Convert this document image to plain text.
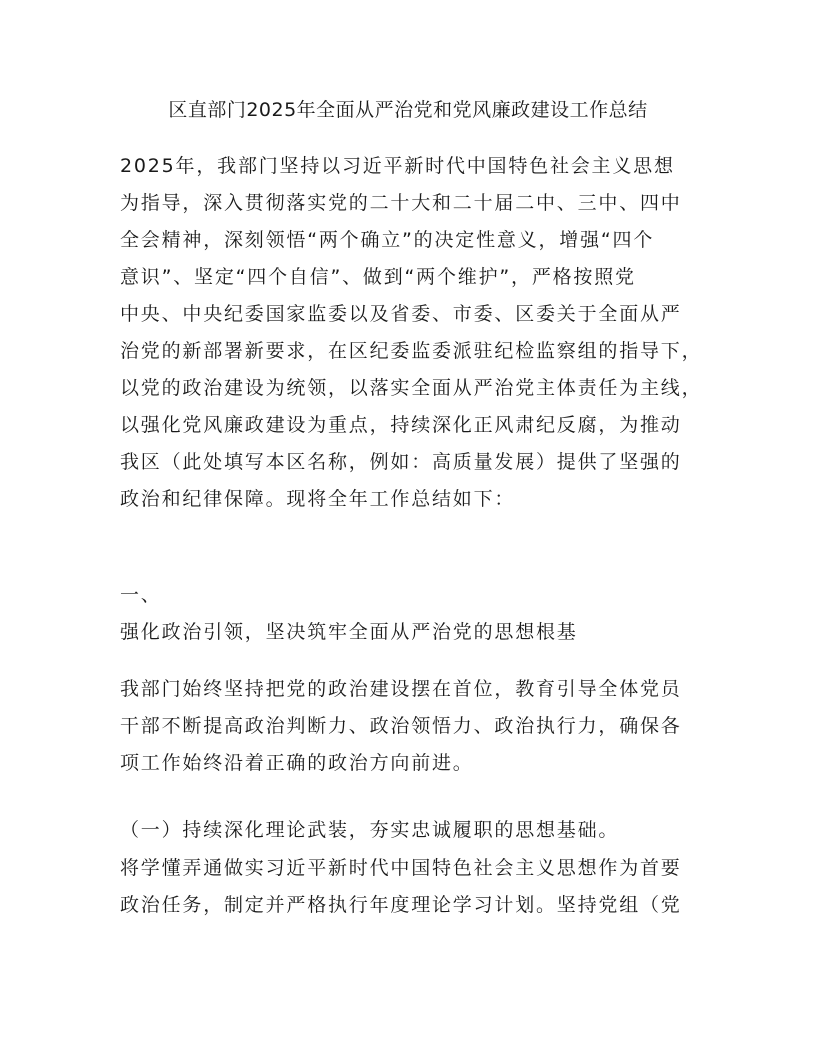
区直部门2025年全面从严治党和党风廉政建设工作总结

2025年，我部门坚持以习近平新时代中国特色社会主义思想
为指导，深入贯彻落实党的二十大和二十届二中、三中、四中
全会精神，深刻领悟“两个确立”的决定性意义，增强“四个
意识”、坚定“四个自信”、做到“两个维护”，严格按照党
中央、中央纪委国家监委以及省委、市委、区委关于全面从严
治党的新部署新要求，在区纪委监委派驻纪检监察组的指导下，
以党的政治建设为统领，以落实全面从严治党主体责任为主线，
以强化党风廉政建设为重点，持续深化正风肃纪反腐，为推动
我区（此处填写本区名称，例如：高质量发展）提供了坚强的
政治和纪律保障。现将全年工作总结如下：

一、

强化政治引领，坚决筑牢全面从严治党的思想根基

我部门始终坚持把党的政治建设摆在首位，教育引导全体党员
干部不断提高政治判断力、政治领悟力、政治执行力，确保各
项工作始终沿着正确的政治方向前进。

（一）持续深化理论武装，夯实忠诚履职的思想基础。

将学懂弄通做实习近平新时代中国特色社会主义思想作为首要
政治任务，制定并严格执行年度理论学习计划。坚持党组（党
